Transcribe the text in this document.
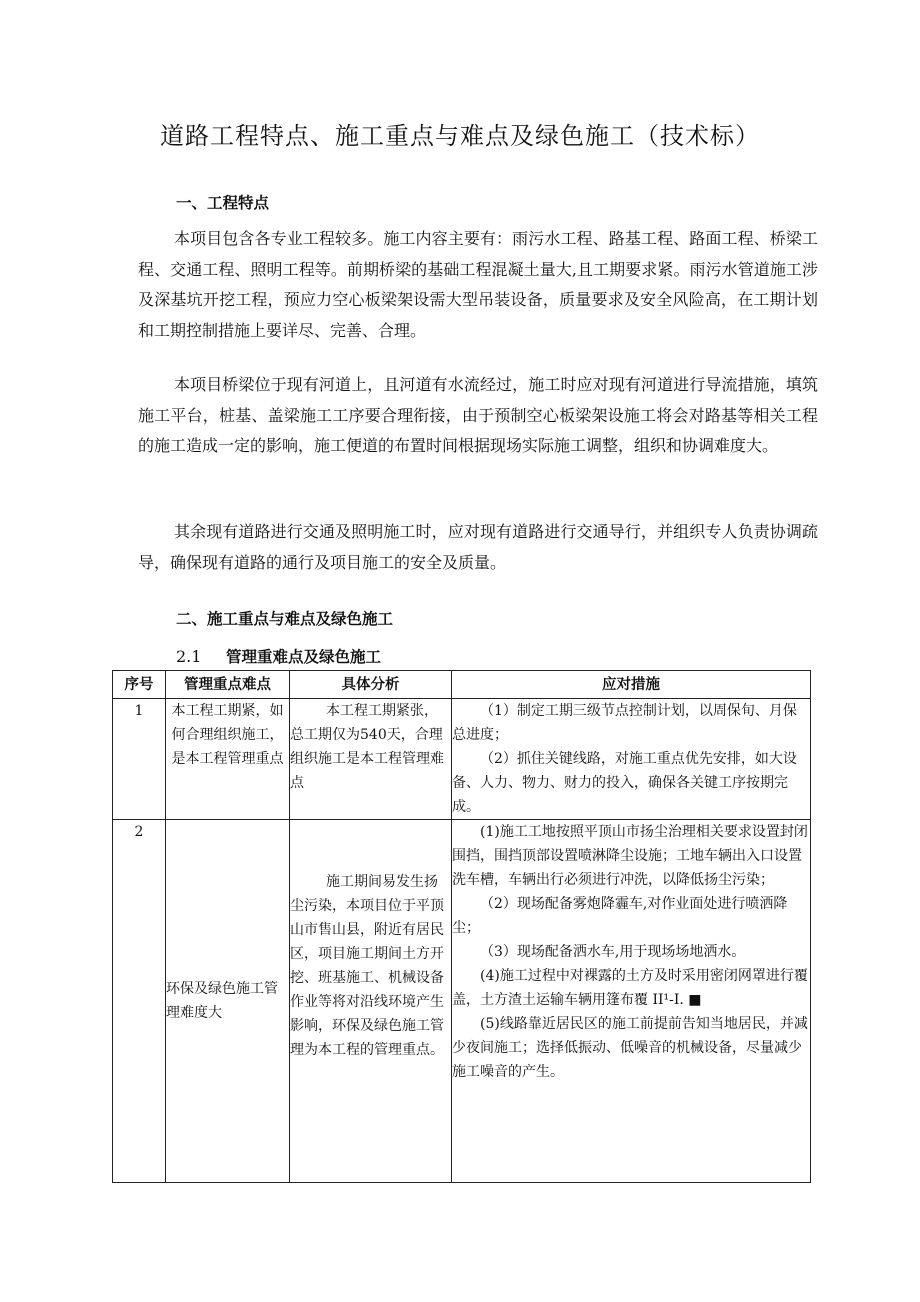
道路工程特点、施工重点与难点及绿色施工（技术标）
一、工程特点

本项目包含各专业工程较多。施工内容主要有：雨污水工程、路基工程、路面工程、桥梁工程、交通工程、照明工程等。前期桥梁的基础工程混凝土量大,且工期要求紧。雨污水管道施工涉及深基坑开挖工程，预应力空心板梁架设需大型吊装设备，质量要求及安全风险高，在工期计划和工期控制措施上要详尽、完善、合理。

本项目桥梁位于现有河道上，且河道有水流经过，施工时应对现有河道进行导流措施，填筑施工平台，桩基、盖梁施工工序要合理衔接，由于预制空心板梁架设施工将会对路基等相关工程的施工造成一定的影响，施工便道的布置时间根据现场实际施工调整，组织和协调难度大。

其余现有道路进行交通及照明施工时，应对现有道路进行交通导行，并组织专人负责协调疏导，确保现有道路的通行及项目施工的安全及质量。

二、施工重点与难点及绿色施工
2.1 管理重难点及绿色施工
序号	管理重点难点	具体分析	应对措施
1	本工程工期紧，如何合理组织施工，是本工程管理重点	本工程工期紧张，总工期仅为540天，合理组织施工是本工程管理难点	（1）制定工期三级节点控制计划，以周保旬、月保总进度；

（2）抓住关键线路，对施工重点优先安排，如大设备、人力、物力、财力的投入，确保各关键工序按期完成。

2	环保及绿色施工管理难度大	施工期间易发生扬尘污染，本项目位于平顶山市售山县，附近有居民区，项目施工期间土方开挖、班基施工、机械设备作业等将对沿线环境产生影响，环保及绿色施工管理为本工程的管理重点。	(1)施工工地按照平顶山市扬尘治理相关要求设置封闭围挡，围挡顶部设置喷淋降尘设施；工地车辆出入口设置洗车槽，车辆出行必须进行冲洗，以降低扬尘污染；

（2）现场配备雾炮降霾车,对作业面处进行喷洒降尘；

（3）现场配备洒水车,用于现场场地洒水。

(4)施工过程中对裸露的土方及时采用密闭网罩进行覆盖，土方渣土运输车辆用篷布覆 II¹-I. ■

(5)线路靠近居民区的施工前提前告知当地居民，并减少夜间施工；选择低振动、低噪音的机械设备，尽量减少施工噪音的产生。
